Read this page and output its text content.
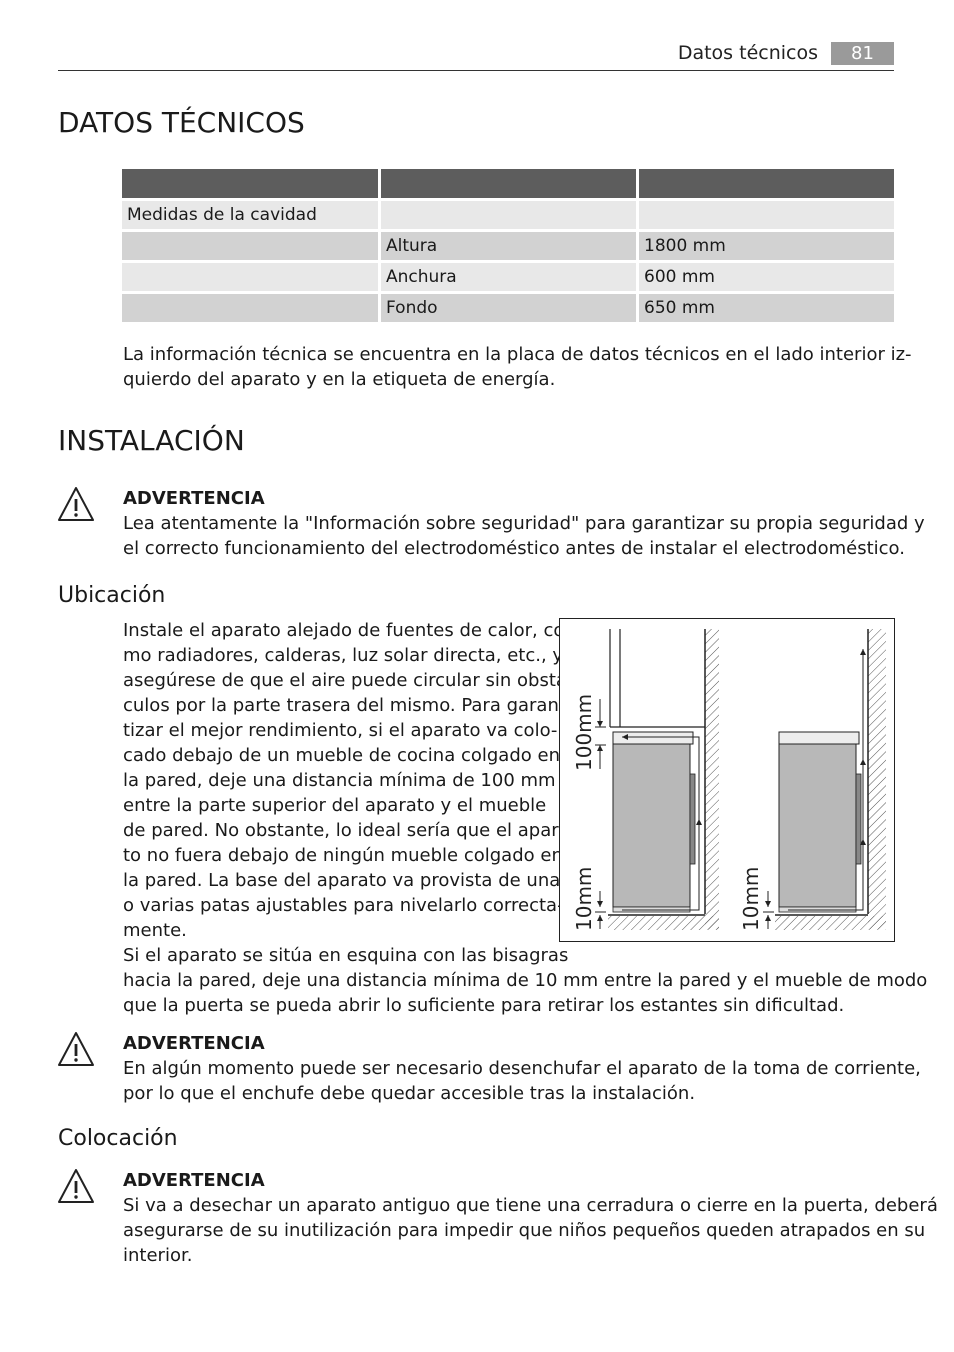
Datos técnicos	81
DATOS TÉCNICOS

Medidas de la cavidad		
	Altura	1800 mm
	Anchura	600 mm
	Fondo	650 mm
La información técnica se encuentra en la placa de datos técnicos en el lado interior iz-
quierdo del aparato y en la etiqueta de energía.
INSTALACIÓN
ADVERTENCIA
Lea atentamente la "Información sobre seguridad" para garantizar su propia seguridad y
el correcto funcionamiento del electrodoméstico antes de instalar el electrodoméstico.
Ubicación
Instale el aparato alejado de fuentes de calor, co-
mo radiadores, calderas, luz solar directa, etc., y
asegúrese de que el aire puede circular sin obstá-
culos por la parte trasera del mismo. Para garan-
tizar el mejor rendimiento, si el aparato va colo-
cado debajo de un mueble de cocina colgado en
la pared, deje una distancia mínima de 100 mm
entre la parte superior del aparato y el mueble
de pared. No obstante, lo ideal sería que el apara-
to no fuera debajo de ningún mueble colgado en
la pared. La base del aparato va provista de una
o varias patas ajustables para nivelarlo correcta-
mente.
Si el aparato se sitúa en esquina con las bisagras
hacia la pared, deje una distancia mínima de 10 mm entre la pared y el mueble de modo
que la puerta se pueda abrir lo suficiente para retirar los estantes sin dificultad.
100mm
10mm	10mm
ADVERTENCIA
En algún momento puede ser necesario desenchufar el aparato de la toma de corriente,
por lo que el enchufe debe quedar accesible tras la instalación.
Colocación
ADVERTENCIA
Si va a desechar un aparato antiguo que tiene una cerradura o cierre en la puerta, deberá
asegurarse de su inutilización para impedir que niños pequeños queden atrapados en su
interior.
